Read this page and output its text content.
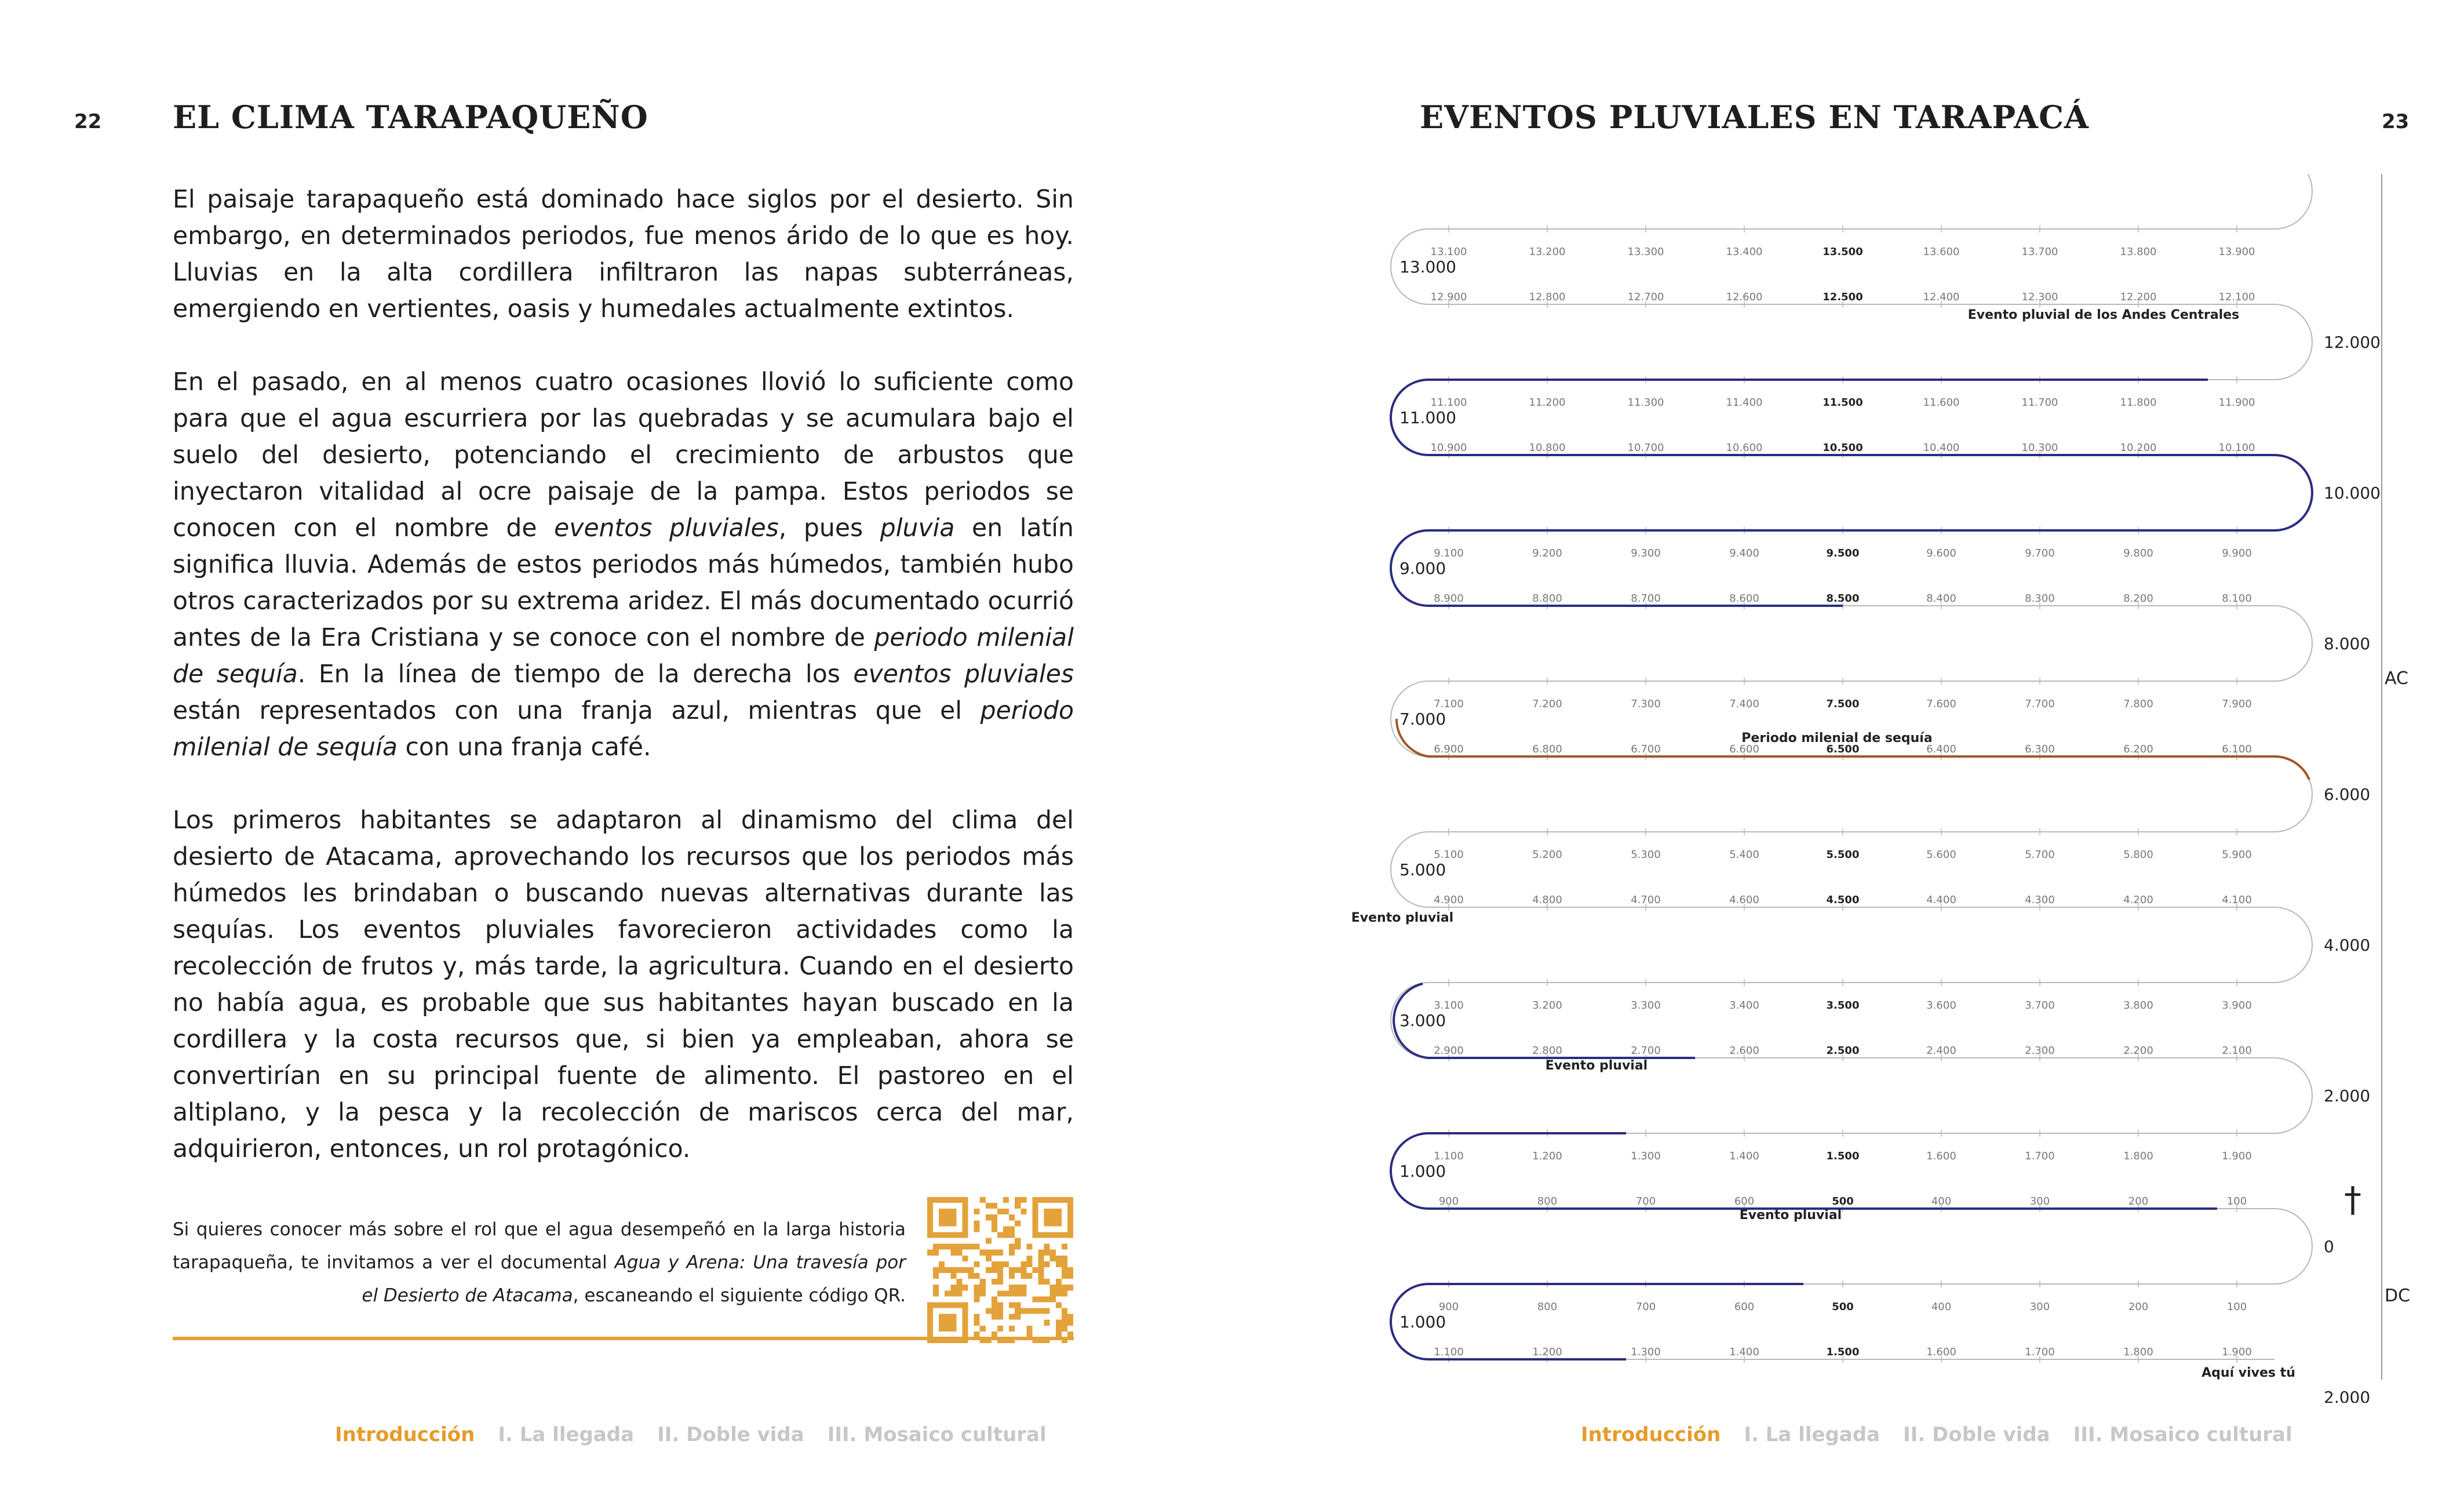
22 EL CLIMA TARAPAQUEÑO

El paisaje tarapaqueño está dominado hace siglos por el desierto. Sin embargo, en determinados periodos, fue menos árido de lo que es hoy. Lluvias en la alta cordillera infiltraron las napas subterráneas, emergiendo en vertientes, oasis y humedales actualmente extintos.

En el pasado, en al menos cuatro ocasiones llovió lo suficiente como para que el agua escurriera por las quebradas y se acumulara bajo el suelo del desierto, potenciando el crecimiento de arbustos que inyectaron vitalidad al ocre paisaje de la pampa. Estos periodos se conocen con el nombre de eventos pluviales, pues pluvia en latín significa lluvia. Además de estos periodos más húmedos, también hubo otros caracterizados por su extrema aridez. El más documentado ocurrió antes de la Era Cristiana y se conoce con el nombre de periodo milenial de sequía. En la línea de tiempo de la derecha los eventos pluviales están representados con una franja azul, mientras que el periodo milenial de sequía con una franja café.

Los primeros habitantes se adaptaron al dinamismo del clima del desierto de Atacama, aprovechando los recursos que los periodos más húmedos les brindaban o buscando nuevas alternativas durante las sequías. Los eventos pluviales favorecieron actividades como la recolección de frutos y, más tarde, la agricultura. Cuando en el desierto no había agua, es probable que sus habitantes hayan buscado en la cordillera y la costa recursos que, si bien ya empleaban, ahora se convertirían en su principal fuente de alimento. El pastoreo en el altiplano, y la pesca y la recolección de mariscos cerca del mar, adquirieron, entonces, un rol protagónico.

Si quieres conocer más sobre el rol que el agua desempeñó en la larga historia tarapaqueña, te invitamos a ver el documental Agua y Arena: Una travesía por el Desierto de Atacama, escaneando el siguiente código QR.
Introducción I. La llegada II. Doble vida III. Mosaico cultural
EVENTOS PLUVIALES EN TARAPACÁ	23
13.000
13.100	13.200	13.300	13.400	13.500	13.600	13.700	13.800	13.900
12.900	12.800	12.700	12.600	12.500	12.400	12.300	12.200	12.100
11.000
11.100	11.200	11.300	11.400	11.500	11.600	11.700	11.800	11.900
10.900	10.800	10.700	10.600	10.500	10.400	10.300	10.200	10.100
9.000
9.100	9.200	9.300	9.400	9.500	9.600	9.700	9.800	9.900
8.900	8.800	8.700	8.600	8.500	8.400	8.300	8.200	8.100
7.000
7.100	7.200	7.300	7.400	7.500	7.600	7.700	7.800	7.900
6.900	6.800	6.700	6.600	6.500	6.400	6.300	6.200	6.100
5.000
5.100	5.200	5.300	5.400	5.500	5.600	5.700	5.800	5.900
4.900	4.800	4.700	4.600	4.500	4.400	4.300	4.200	4.100
3.000
3.100	3.200	3.300	3.400	3.500	3.600	3.700	3.800	3.900
2.900	2.800	2.700	2.600	2.500	2.400	2.300	2.200	2.100
1.000
1.100	1.200	1.300	1.400	1.500	1.600	1.700	1.800	1.900
900	800	700	600	500	400	300	200	100
1.000
900	800	700	600	500	400	300	200	100
1.100	1.200	1.300	1.400	1.500	1.600	1.700	1.800	1.900
12.000
10.000
8.000
6.000
4.000
2.000
0
2.000
AC
DC
†
Evento pluvial de los Andes Centrales
Periodo milenial de sequía
Evento pluvial
Evento pluvial
Evento pluvial
Aquí vives tú
Introducción I. La llegada II. Doble vida III. Mosaico cultural
